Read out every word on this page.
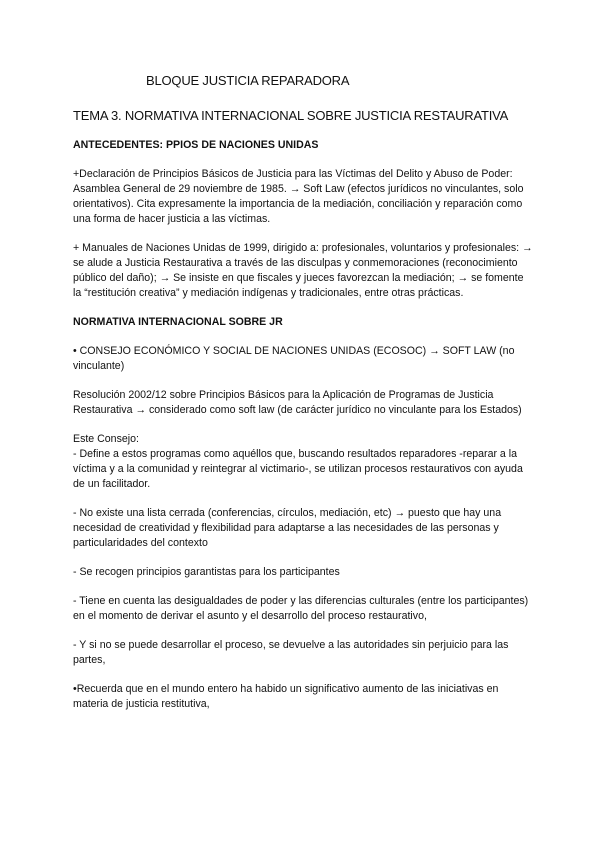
BLOQUE JUSTICIA REPARADORA
TEMA 3. NORMATIVA INTERNACIONAL SOBRE JUSTICIA RESTAURATIVA
ANTECEDENTES: PPIOS DE NACIONES UNIDAS

+Declaración de Principios Básicos de Justicia para las Víctimas del Delito y Abuso de Poder: Asamblea General de 29 noviembre de 1985. → Soft Law (efectos jurídicos no vinculantes, solo orientativos). Cita expresamente la importancia de la mediación, conciliación y reparación como una forma de hacer justicia a las víctimas.

+ Manuales de Naciones Unidas de 1999, dirigido a: profesionales, voluntarios y profesionales: → se alude a Justicia Restaurativa a través de las disculpas y conmemoraciones (reconocimiento público del daño); → Se insiste en que fiscales y jueces favorezcan la mediación; → se fomente la “restitución creativa” y mediación indígenas y tradicionales, entre otras prácticas.

NORMATIVA INTERNACIONAL SOBRE JR

• CONSEJO ECONÓMICO Y SOCIAL DE NACIONES UNIDAS (ECOSOC) → SOFT LAW (no vinculante)

Resolución 2002/12 sobre Principios Básicos para la Aplicación de Programas de Justicia Restaurativa → considerado como soft law (de carácter jurídico no vinculante para los Estados)

Este Consejo:

- Define a estos programas como aquéllos que, buscando resultados reparadores -reparar a la víctima y a la comunidad y reintegrar al victimario-, se utilizan procesos restaurativos con ayuda de un facilitador.

- No existe una lista cerrada (conferencias, círculos, mediación, etc) → puesto que hay una necesidad de creatividad y flexibilidad para adaptarse a las necesidades de las personas y particularidades del contexto

- Se recogen principios garantistas para los participantes

- Tiene en cuenta las desigualdades de poder y las diferencias culturales (entre los participantes) en el momento de derivar el asunto y el desarrollo del proceso restaurativo,

- Y si no se puede desarrollar el proceso, se devuelve a las autoridades sin perjuicio para las partes,

•Recuerda que en el mundo entero ha habido un significativo aumento de las iniciativas en materia de justicia restitutiva,
